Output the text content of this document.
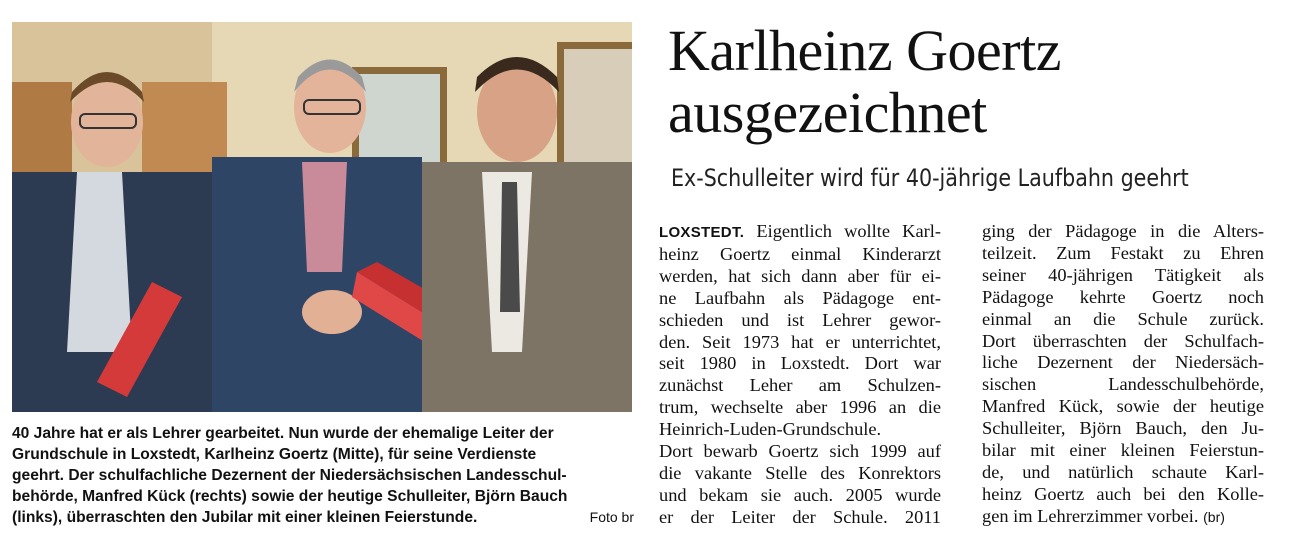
40 Jahre hat er als Lehrer gearbeitet. Nun wurde der ehemalige Leiter der
Grundschule in Loxstedt, Karlheinz Goertz (Mitte), für seine Verdienste
geehrt. Der schulfachliche Dezernent der Niedersächsischen Landesschul-
behörde, Manfred Kück (rechts) sowie der heutige Schulleiter, Björn Bauch
(links), überraschten den Jubilar mit einer kleinen Feierstunde.	Foto br
Karlheinz Goertz
ausgezeichnet
Ex-Schulleiter wird für 40-jährige Laufbahn geehrt
LOXSTEDT. Eigentlich wollte Karl-
heinz Goertz einmal Kinderarzt
werden, hat sich dann aber für ei-
ne Laufbahn als Pädagoge ent-
schieden und ist Lehrer gewor-
den. Seit 1973 hat er unterrichtet,
seit 1980 in Loxstedt. Dort war
zunächst Leher am Schulzen-
trum, wechselte aber 1996 an die
Heinrich-Luden-Grundschule.
Dort bewarb Goertz sich 1999 auf
die vakante Stelle des Konrektors
und bekam sie auch. 2005 wurde
er der Leiter der Schule. 2011
ging der Pädagoge in die Alters-
teilzeit. Zum Festakt zu Ehren
seiner 40-jährigen Tätigkeit als
Pädagoge kehrte Goertz noch
einmal an die Schule zurück.
Dort überraschten der Schulfach-
liche Dezernent der Niedersäch-
sischen Landesschulbehörde,
Manfred Kück, sowie der heutige
Schulleiter, Björn Bauch, den Ju-
bilar mit einer kleinen Feierstun-
de, und natürlich schaute Karl-
heinz Goertz auch bei den Kolle-
gen im Lehrerzimmer vorbei. (br)
